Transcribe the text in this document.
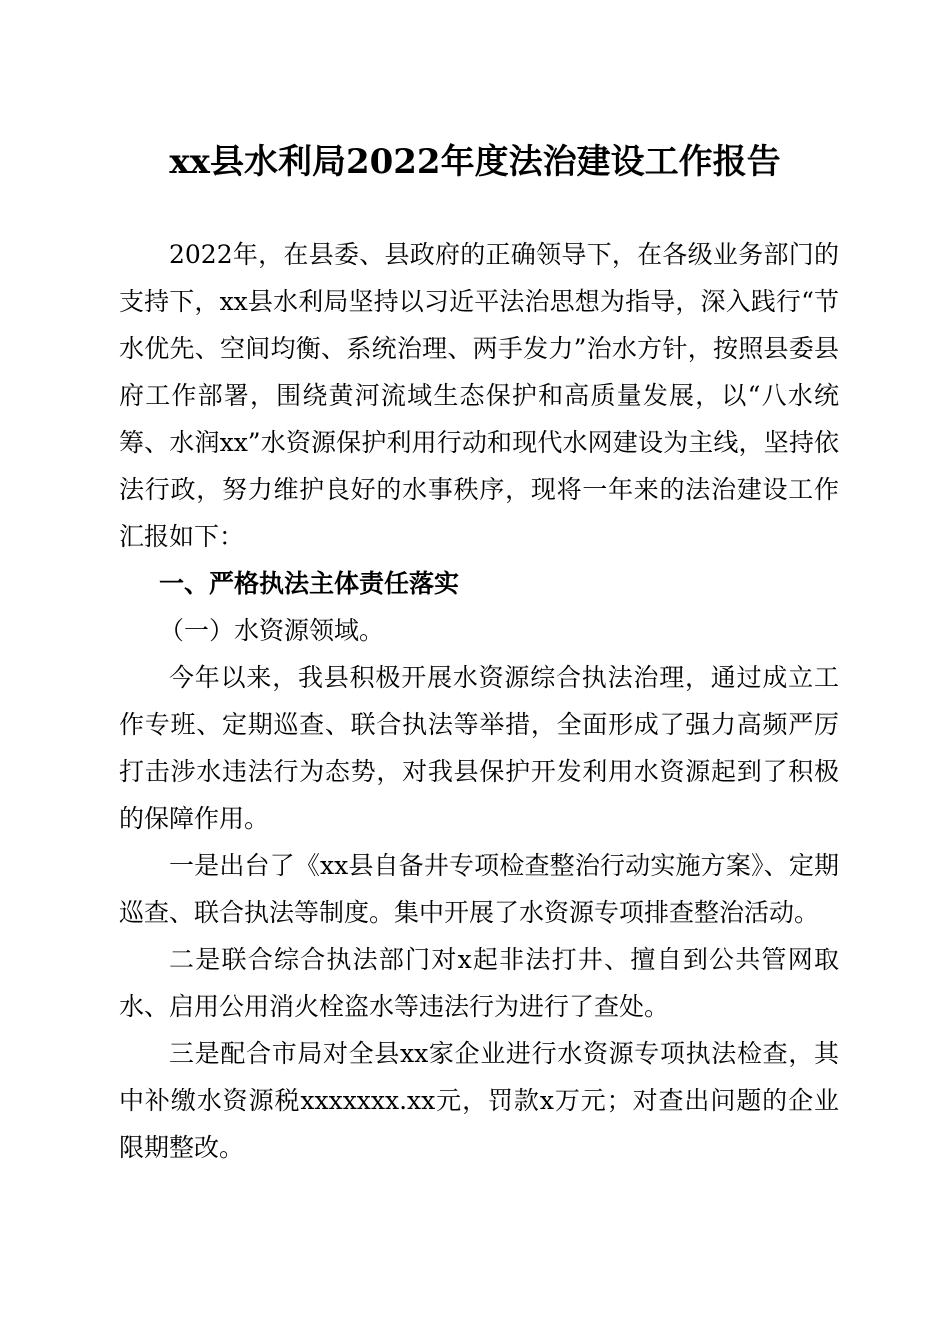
xx县水利局2022年度法治建设工作报告

2022年，在县委、县政府的正确领导下，在各级业务部门的支持下，xx县水利局坚持以习近平法治思想为指导，深入践行“节水优先、空间均衡、系统治理、两手发力”治水方针，按照县委县府工作部署，围绕黄河流域生态保护和高质量发展，以“八水统筹、水润xx”水资源保护利用行动和现代水网建设为主线，坚持依法行政，努力维护良好的水事秩序，现将一年来的法治建设工作汇报如下：

一、严格执法主体责任落实

（一）水资源领域。

今年以来，我县积极开展水资源综合执法治理，通过成立工作专班、定期巡查、联合执法等举措，全面形成了强力高频严厉打击涉水违法行为态势，对我县保护开发利用水资源起到了积极的保障作用。

一是出台了《xx县自备井专项检查整治行动实施方案》、定期巡查、联合执法等制度。集中开展了水资源专项排查整治活动。

二是联合综合执法部门对x起非法打井、擅自到公共管网取水、启用公用消火栓盗水等违法行为进行了查处。

三是配合市局对全县xx家企业进行水资源专项执法检查，其中补缴水资源税xxxxxxx.xx元，罚款x万元；对查出问题的企业限期整改。
